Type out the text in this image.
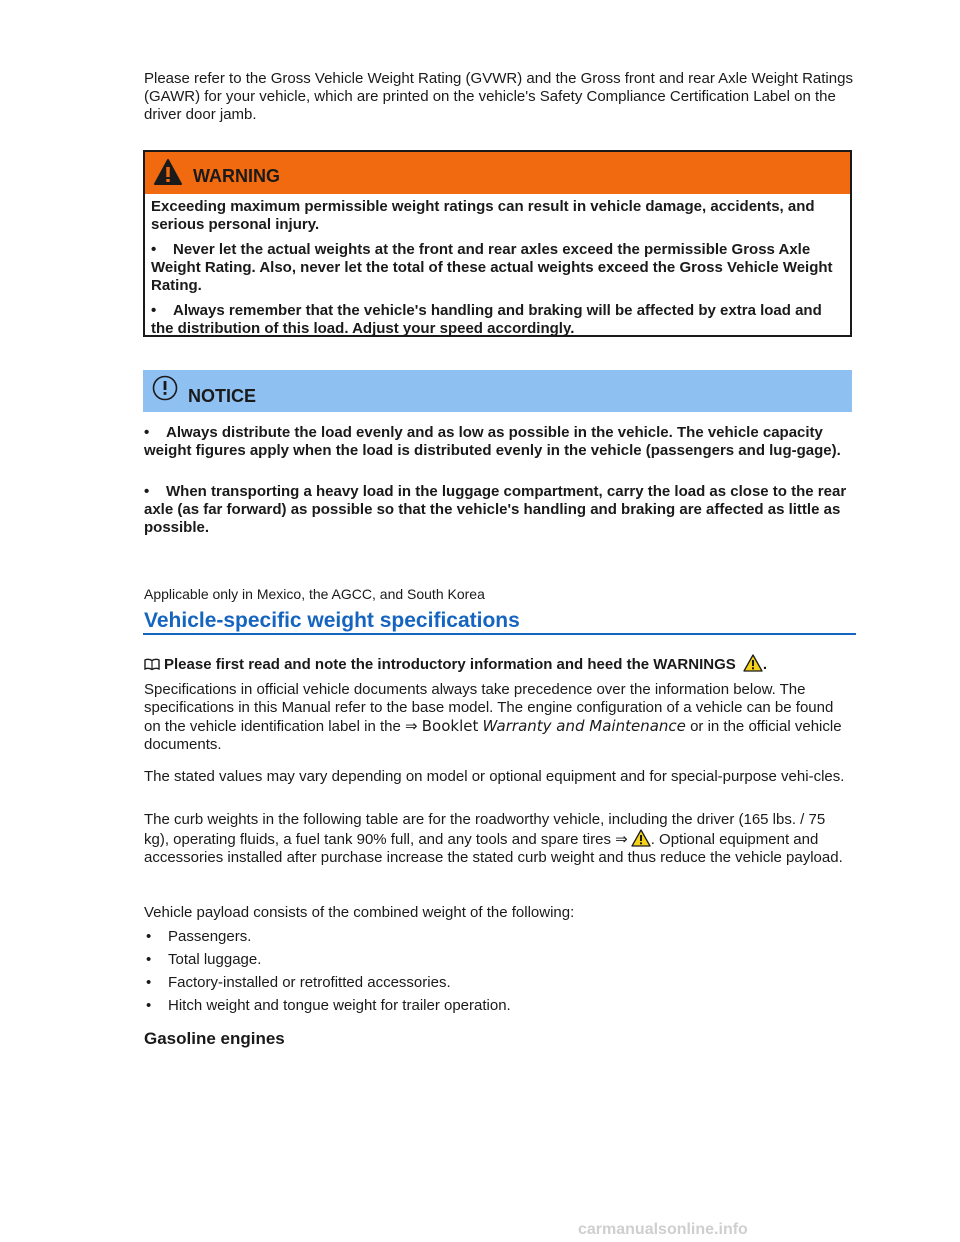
Please refer to the Gross Vehicle Weight Rating (GVWR) and the Gross front and rear Axle Weight Ratings (GAWR) for your vehicle, which are printed on the vehicle's Safety Compliance Certification Label on the driver door jamb.

WARNING

Exceeding maximum permissible weight ratings can result in vehicle damage, accidents, and serious personal injury.

• Never let the actual weights at the front and rear axles exceed the permissible Gross Axle Weight Rating. Also, never let the total of these actual weights exceed the Gross Vehicle Weight Rating.

• Always remember that the vehicle's handling and braking will be affected by extra load and the distribution of this load. Adjust your speed accordingly.

NOTICE
• Always distribute the load evenly and as low as possible in the vehicle. The vehicle capacity weight figures apply when the load is distributed evenly in the vehicle (passengers and lug-gage).
• When transporting a heavy load in the luggage compartment, carry the load as close to the rear axle (as far forward) as possible so that the vehicle's handling and braking are affected as little as possible.
Applicable only in Mexico, the AGCC, and South Korea
Vehicle-specific weight specifications
Please first read and note the introductory information and heed the WARNINGS .

Specifications in official vehicle documents always take precedence over the information below. The specifications in this Manual refer to the base model. The engine configuration of a vehicle can be found on the vehicle identification label in the ⇒ Booklet Warranty and Maintenance or in the official vehicle documents.

The stated values may vary depending on model or optional equipment and for special-purpose vehi-cles.

The curb weights in the following table are for the roadworthy vehicle, including the driver (165 lbs. / 75 kg), operating fluids, a fuel tank 90% full, and any tools and spare tires ⇒ . Optional equipment and accessories installed after purchase increase the stated curb weight and thus reduce the vehicle payload.

Vehicle payload consists of the combined weight of the following:

• Passengers.
• Total luggage.
• Factory-installed or retrofitted accessories.
• Hitch weight and tongue weight for trailer operation.
Gasoline engines
carmanualsonline.info
